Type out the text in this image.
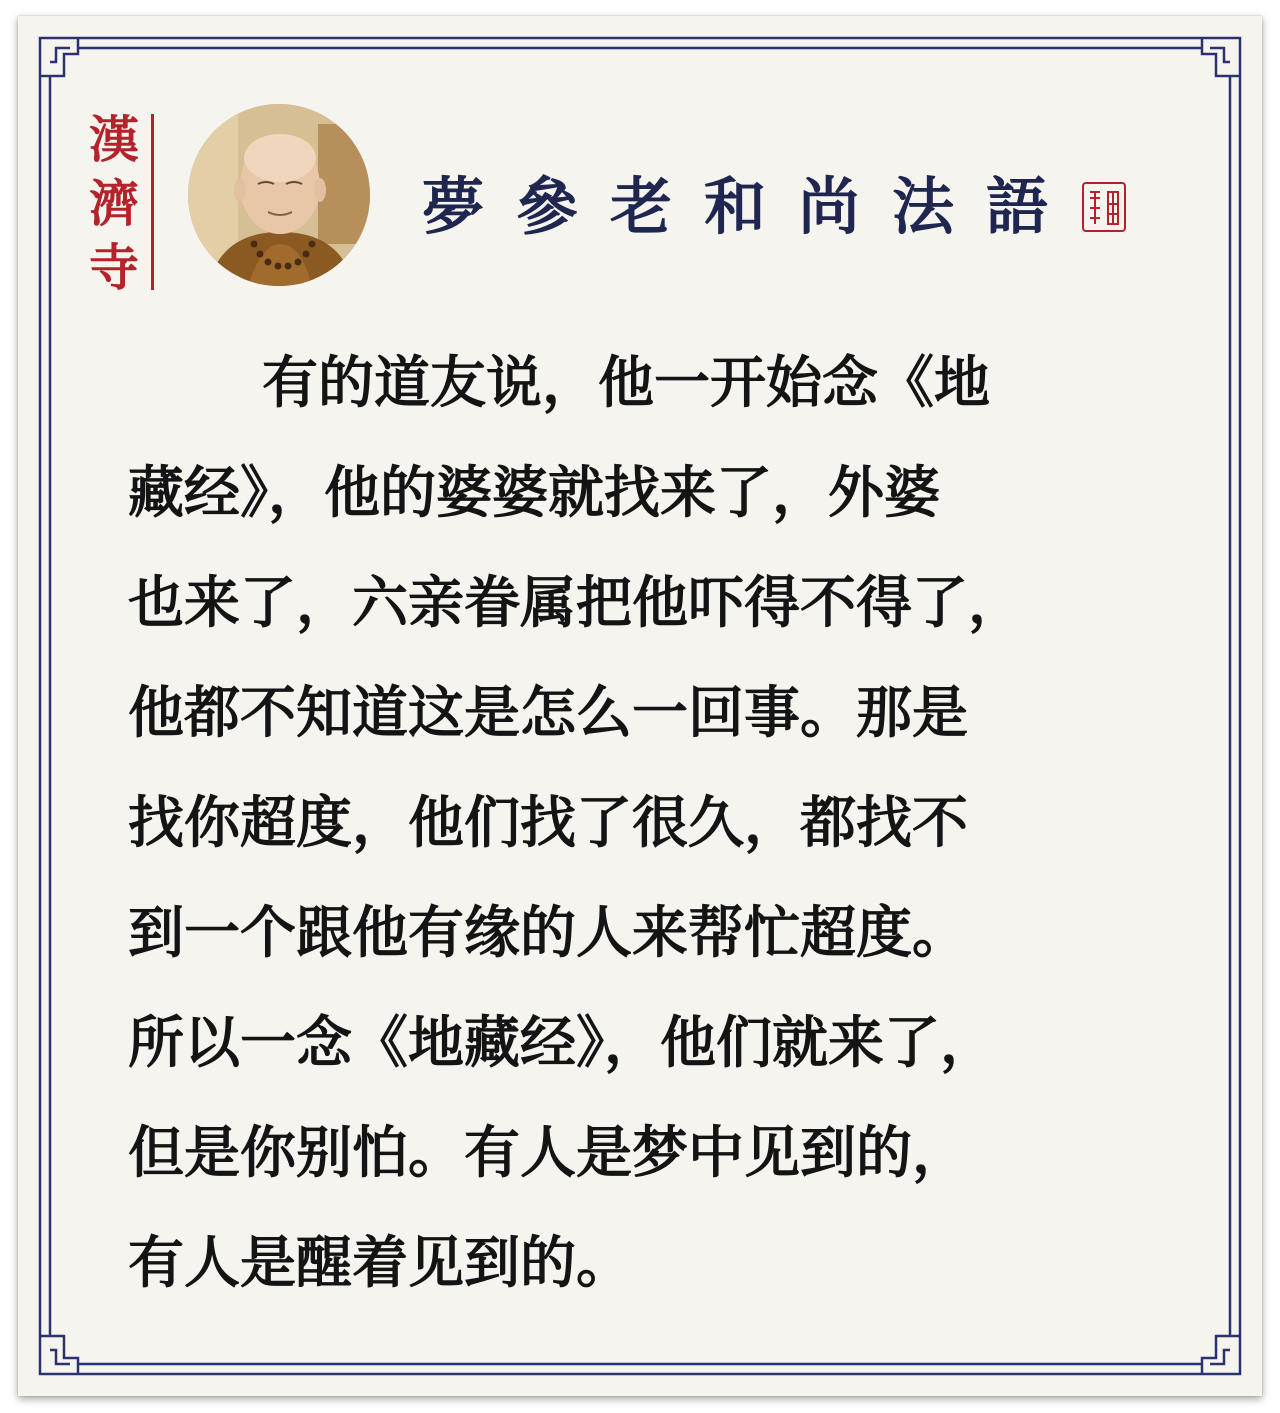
漢
濟
寺
夢參老和尚法語
有的道友说，他一开始念《地
藏经》，他的婆婆就找来了，外婆
也来了，六亲眷属把他吓得不得了，
他都不知道这是怎么一回事。那是
找你超度，他们找了很久，都找不
到一个跟他有缘的人来帮忙超度。
所以一念《地藏经》，他们就来了，
但是你别怕。有人是梦中见到的，
有人是醒着见到的。
